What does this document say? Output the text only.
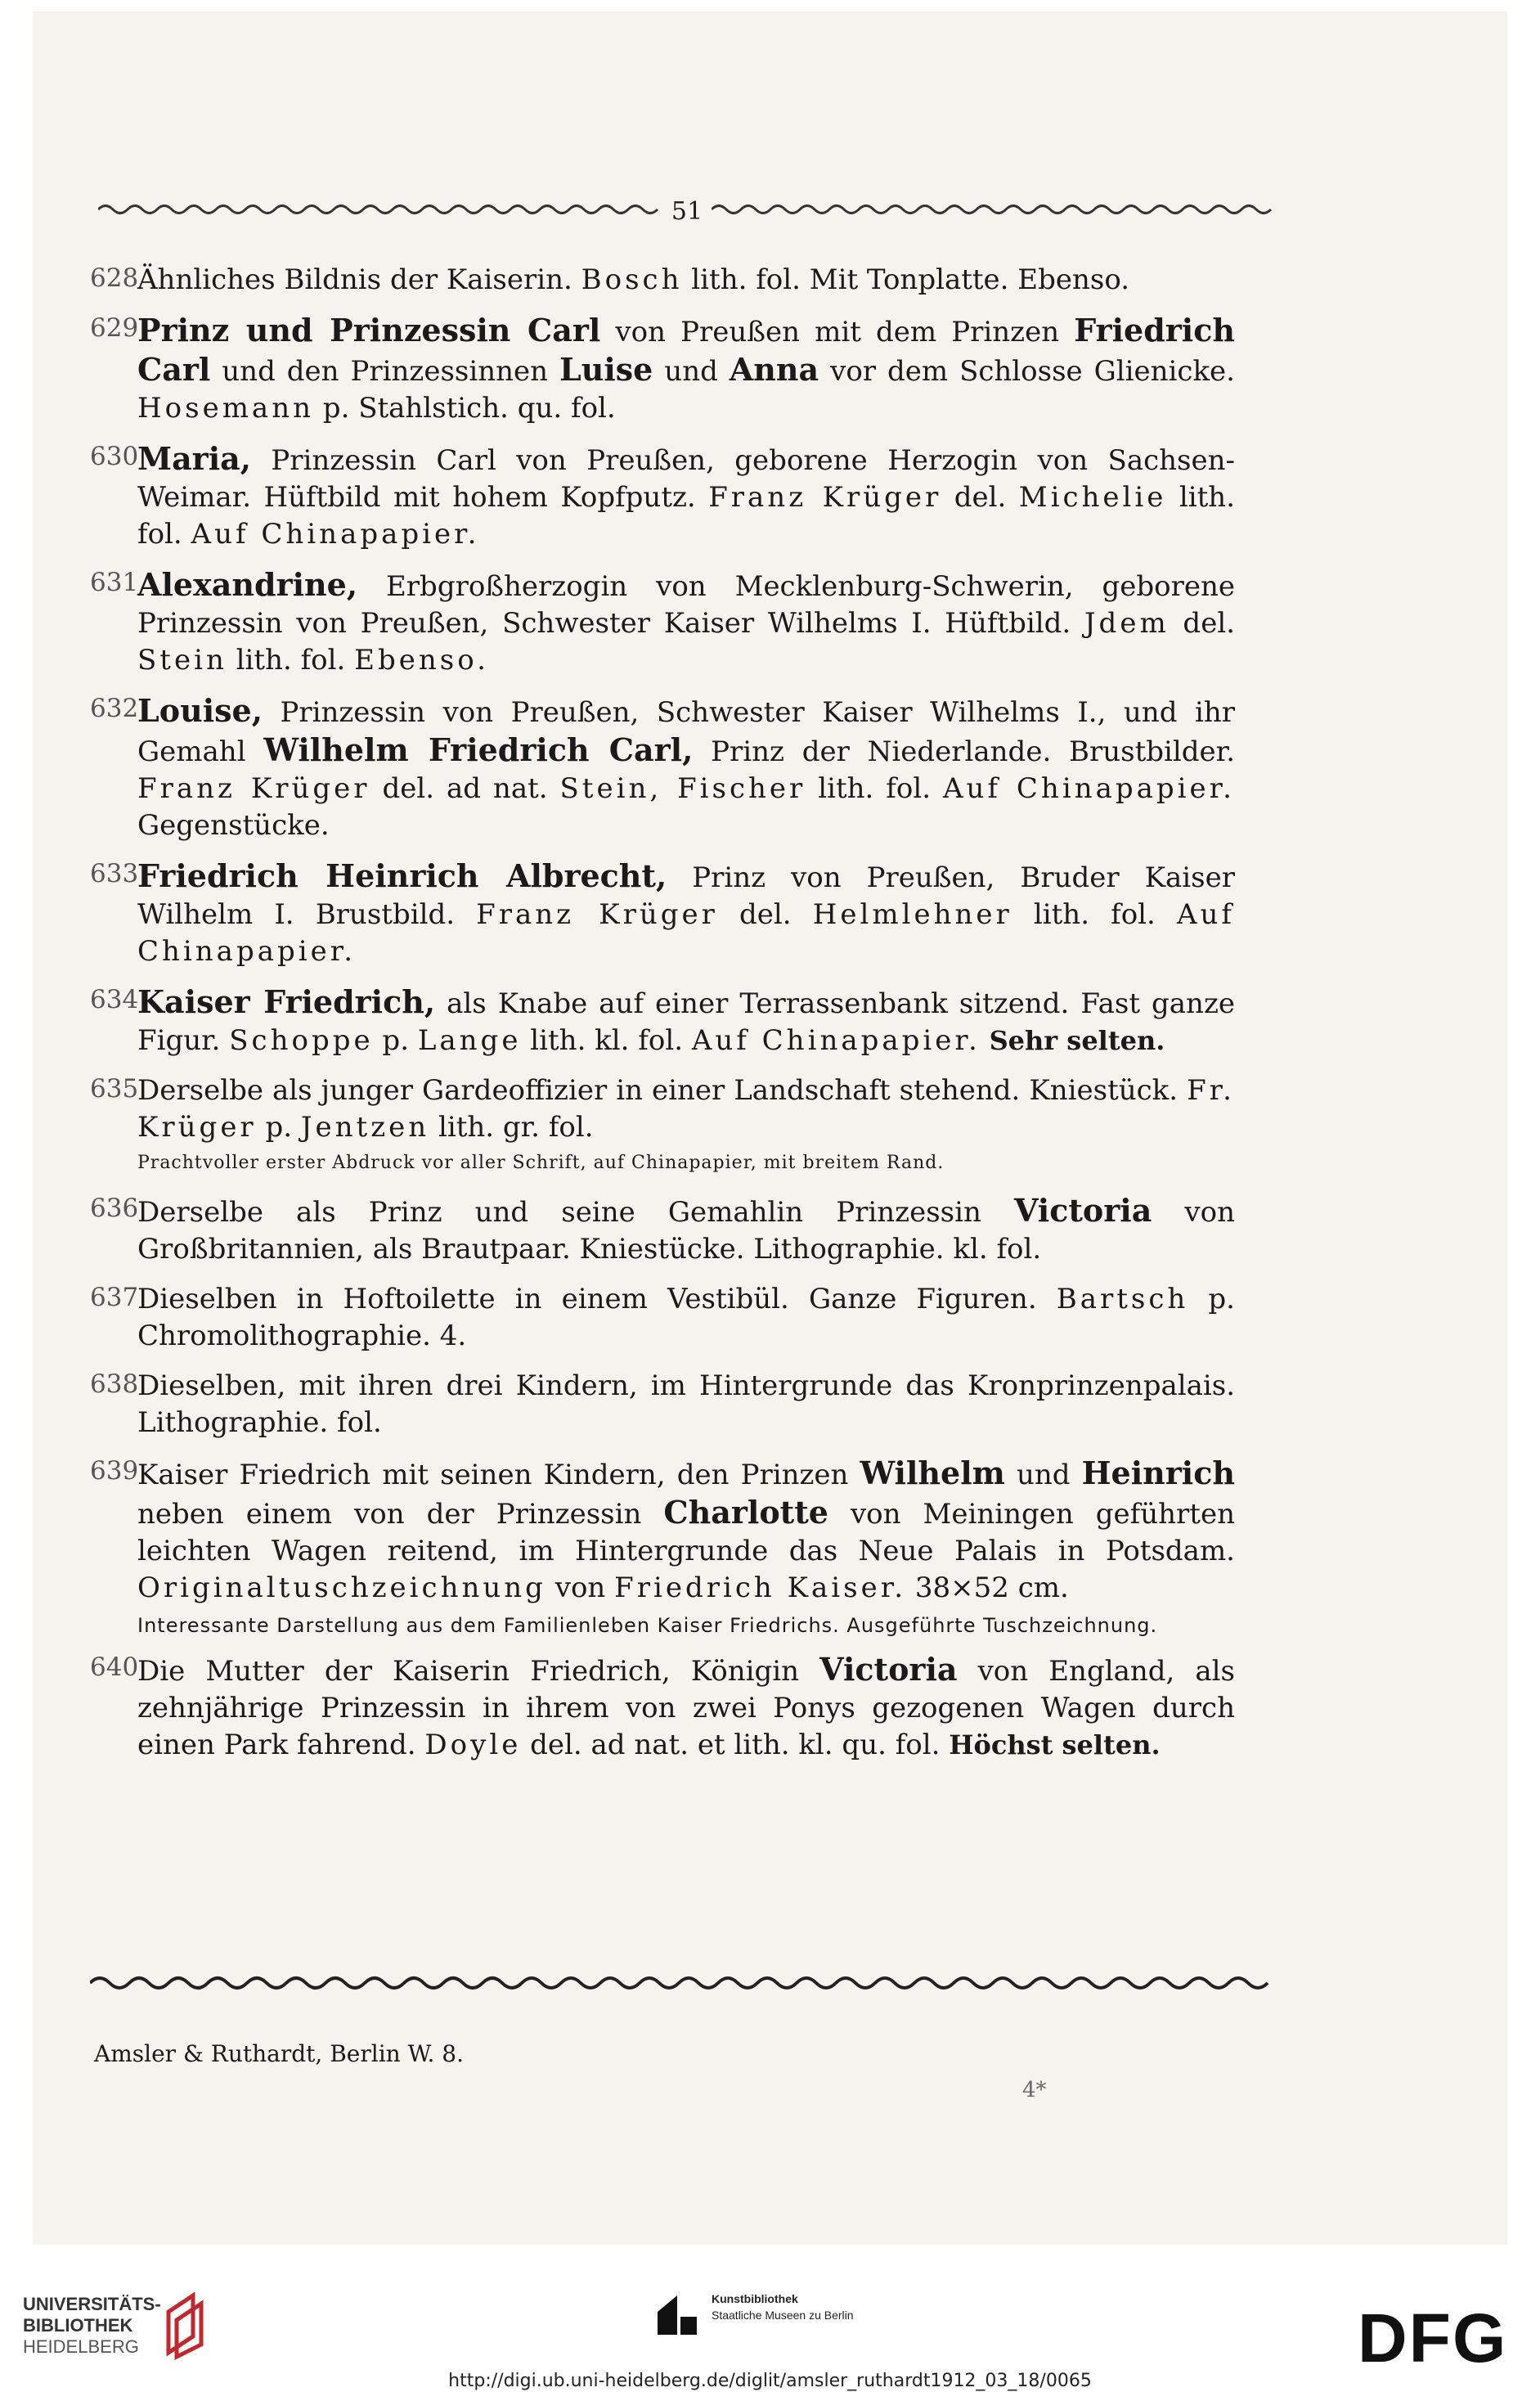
51
628
Ähnliches Bildnis der Kaiserin. Bosch lith. fol. Mit Tonplatte. Ebenso.
629
Prinz und Prinzessin Carl von Preußen mit dem Prinzen Friedrich Carl und den Prinzessinnen Luise und Anna vor dem Schlosse Glienicke. Hosemann p. Stahlstich. qu. fol.
630
Maria, Prinzessin Carl von Preußen, geborene Herzogin von Sachsen-Weimar. Hüftbild mit hohem Kopfputz. Franz Krüger del. Michelie lith. fol. Auf Chinapapier.
631
Alexandrine, Erbgroßherzogin von Mecklenburg-Schwerin, geborene Prinzessin von Preußen, Schwester Kaiser Wilhelms I. Hüftbild. Jdem del. Stein lith. fol. Ebenso.
632
Louise, Prinzessin von Preußen, Schwester Kaiser Wilhelms I., und ihr Gemahl Wilhelm Friedrich Carl, Prinz der Niederlande. Brustbilder. Franz Krüger del. ad nat. Stein, Fischer lith. fol. Auf Chinapapier. Gegenstücke.
633
Friedrich Heinrich Albrecht, Prinz von Preußen, Bruder Kaiser Wilhelm I. Brustbild. Franz Krüger del. Helmlehner lith. fol. Auf Chinapapier.
634
Kaiser Friedrich, als Knabe auf einer Terrassenbank sitzend. Fast ganze Figur. Schoppe p. Lange lith. kl. fol. Auf Chinapapier. Sehr selten.
635
Derselbe als junger Gardeoffizier in einer Landschaft stehend. Kniestück. Fr. Krüger p. Jentzen lith. gr. fol.
Prachtvoller erster Abdruck vor aller Schrift, auf Chinapapier, mit breitem Rand.
636
Derselbe als Prinz und seine Gemahlin Prinzessin Victoria von Großbritannien, als Brautpaar. Kniestücke. Lithographie. kl. fol.
637
Dieselben in Hoftoilette in einem Vestibül. Ganze Figuren. Bartsch p. Chromolithographie. 4.
638
Dieselben, mit ihren drei Kindern, im Hintergrunde das Kronprinzenpalais. Lithographie. fol.
639
Kaiser Friedrich mit seinen Kindern, den Prinzen Wilhelm und Heinrich neben einem von der Prinzessin Charlotte von Meiningen geführten leichten Wagen reitend, im Hintergrunde das Neue Palais in Potsdam. Originaltuschzeichnung von Friedrich Kaiser. 38×52 cm.
Interessante Darstellung aus dem Familienleben Kaiser Friedrichs. Ausgeführte Tuschzeichnung.
640
Die Mutter der Kaiserin Friedrich, Königin Victoria von England, als zehnjährige Prinzessin in ihrem von zwei Ponys gezogenen Wagen durch einen Park fahrend. Doyle del. ad nat. et lith. kl. qu. fol. Höchst selten.
Amsler & Ruthardt, Berlin W. 8.
4*
UNIVERSITÄTS-
BIBLIOTHEK
HEIDELBERG
Kunstbibliothek
Staatliche Museen zu Berlin	DFG
http://digi.ub.uni-heidelberg.de/diglit/amsler_ruthardt1912_03_18/0065
